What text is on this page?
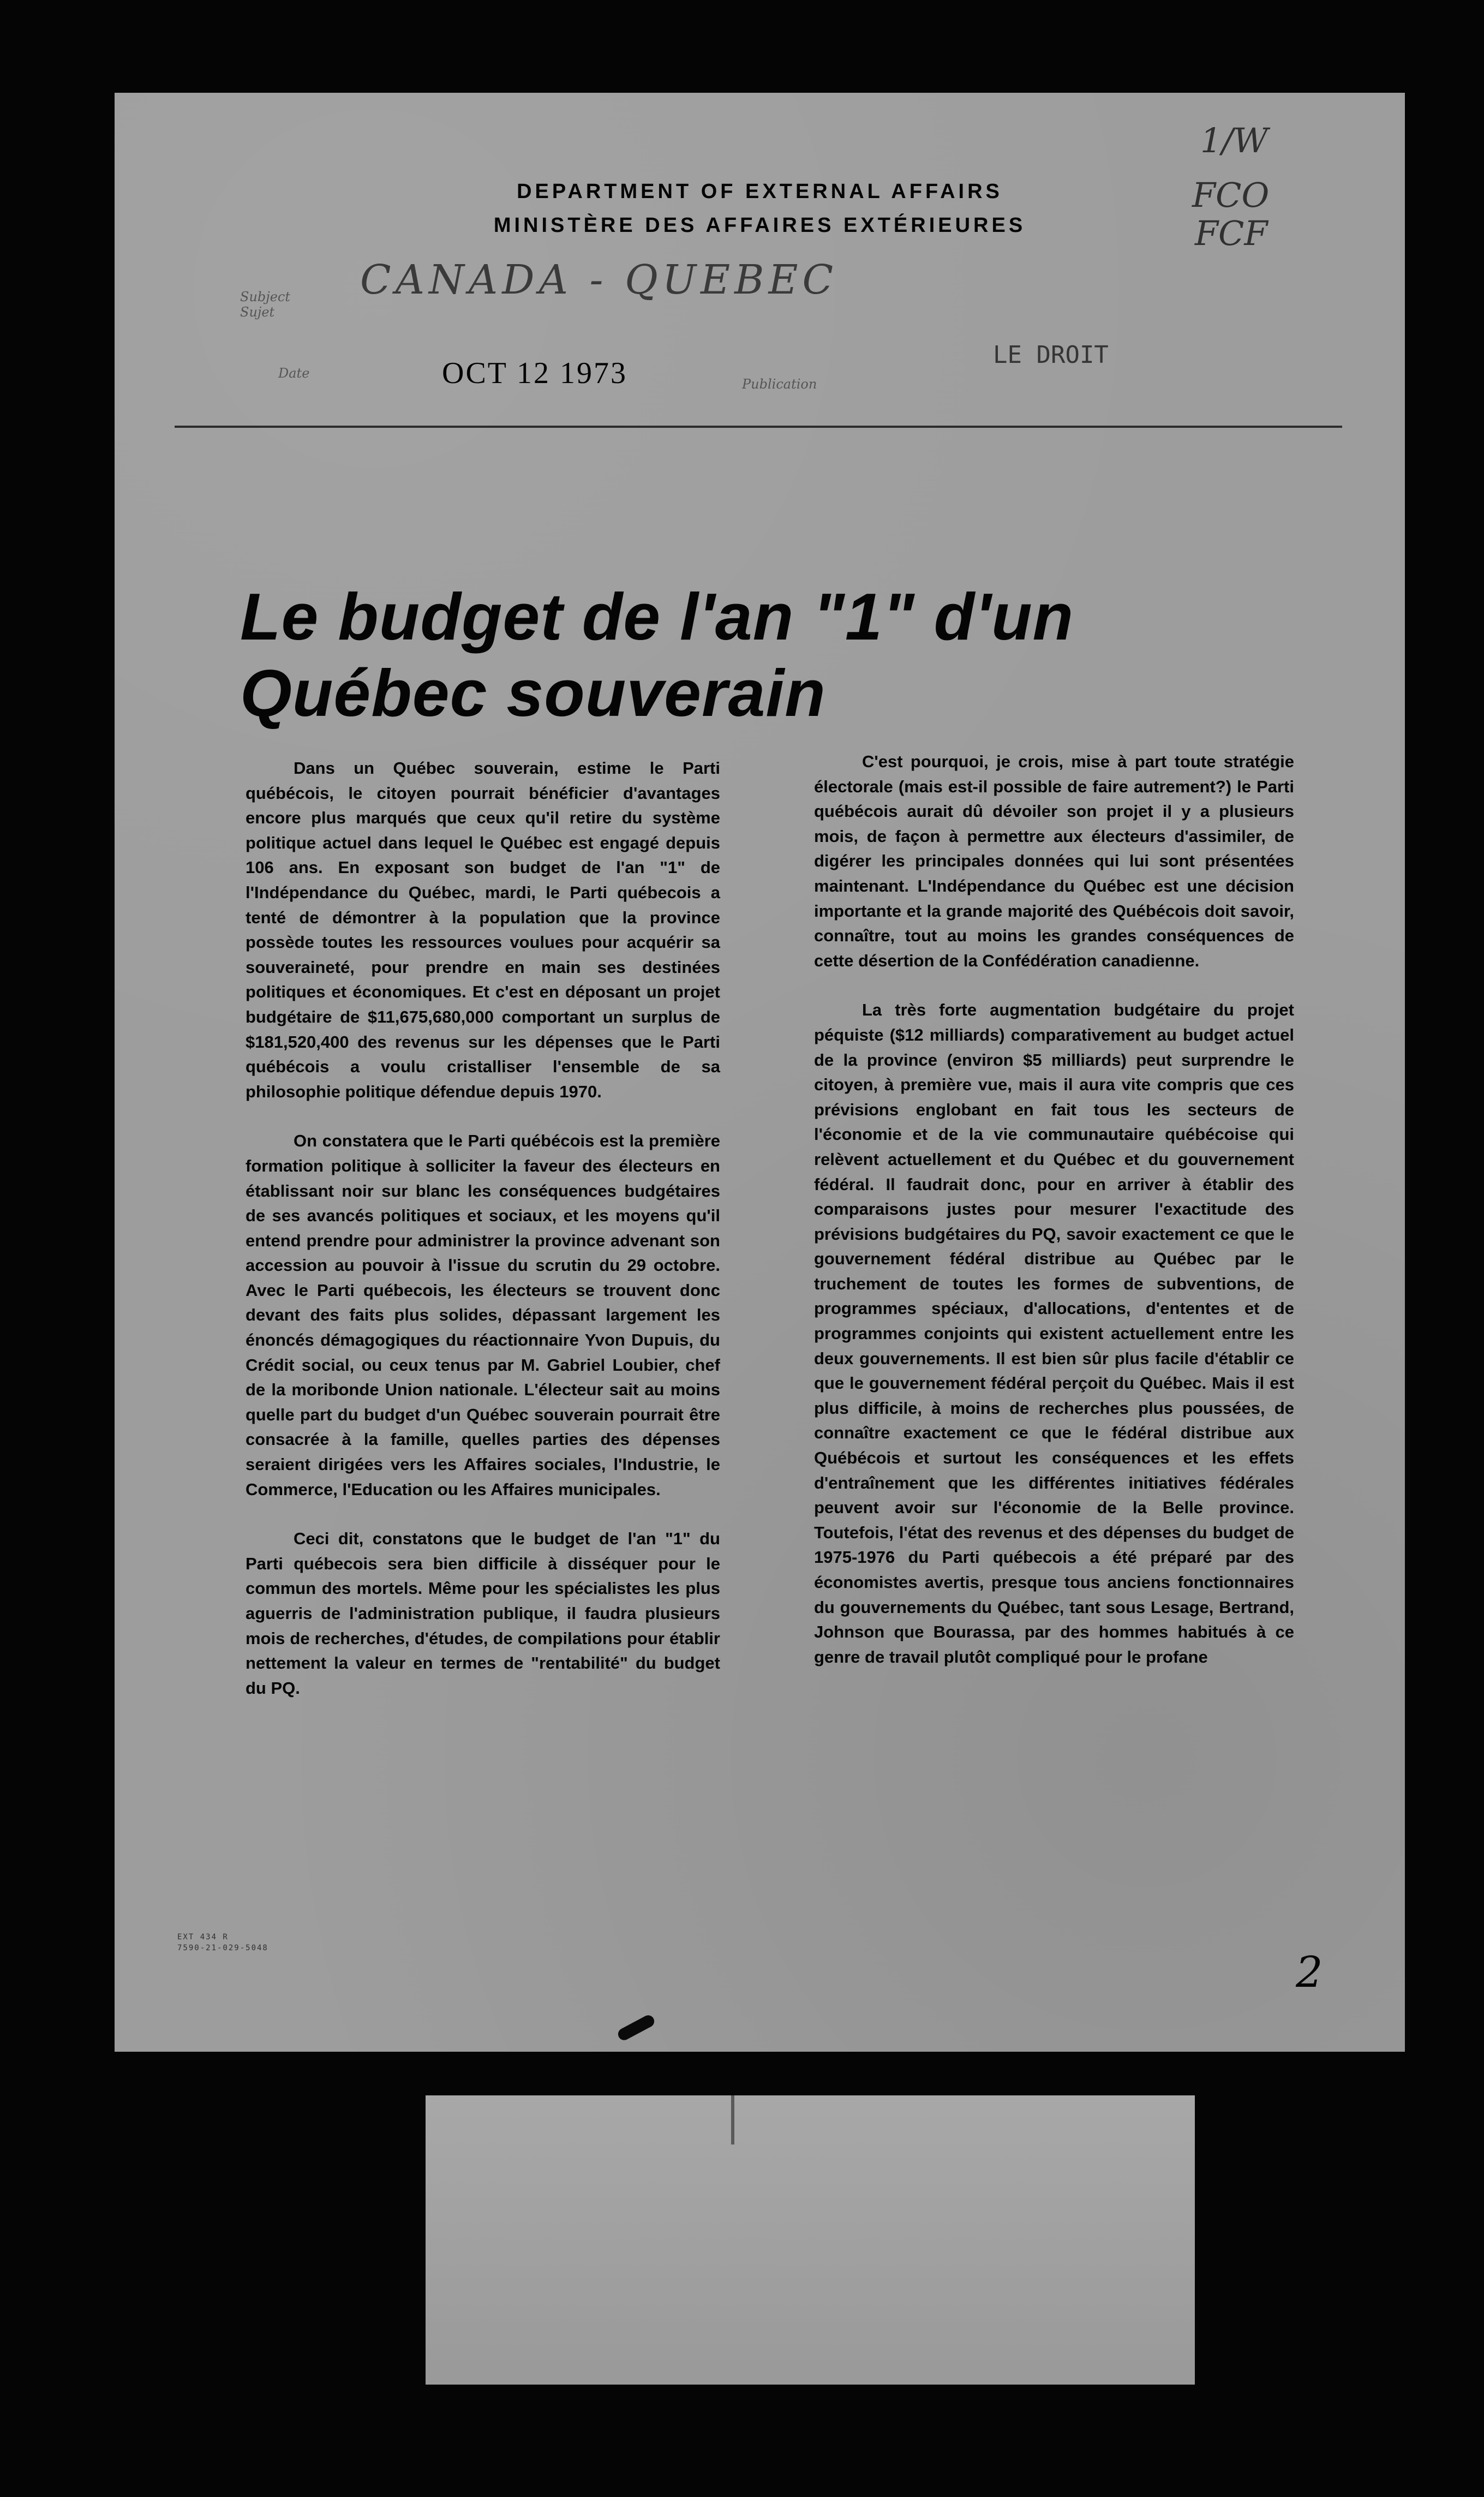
DEPARTMENT OF EXTERNAL AFFAIRS
MINISTÈRE DES AFFAIRES EXTÉRIEURES
Subject
Sujet
CANADA - QUEBEC
Date	OCT 12 1973	Publication
LE DROIT
1/W
FCO
FCF
Le budget de l'an "1" d'un Québec souverain

Dans un Québec souverain, estime le Parti québécois, le citoyen pourrait bénéficier d'avantages encore plus marqués que ceux qu'il retire du système politique actuel dans lequel le Québec est engagé depuis 106 ans. En exposant son budget de l'an "1" de l'Indépendance du Québec, mardi, le Parti québecois a tenté de démontrer à la population que la province possède toutes les ressources voulues pour acquérir sa souveraineté, pour prendre en main ses destinées politiques et économiques. Et c'est en déposant un projet budgétaire de $11,675,680,000 comportant un surplus de $181,520,400 des revenus sur les dépenses que le Parti québécois a voulu cristalliser l'ensemble de sa philosophie politique défendue depuis 1970.

On constatera que le Parti québécois est la première formation politique à solliciter la faveur des électeurs en établissant noir sur blanc les conséquences budgétaires de ses avancés politiques et sociaux, et les moyens qu'il entend prendre pour administrer la province advenant son accession au pouvoir à l'issue du scrutin du 29 octobre. Avec le Parti québecois, les électeurs se trouvent donc devant des faits plus solides, dépassant largement les énoncés démagogiques du réactionnaire Yvon Dupuis, du Crédit social, ou ceux tenus par M. Gabriel Loubier, chef de la moribonde Union nationale. L'électeur sait au moins quelle part du budget d'un Québec souverain pourrait être consacrée à la famille, quelles parties des dépenses seraient dirigées vers les Affaires sociales, l'Industrie, le Commerce, l'Education ou les Affaires municipales.

Ceci dit, constatons que le budget de l'an "1" du Parti québecois sera bien difficile à disséquer pour le commun des mortels. Même pour les spécialistes les plus aguerris de l'administration publique, il faudra plusieurs mois de recherches, d'études, de compilations pour établir nettement la valeur en termes de "rentabilité" du budget du PQ.

C'est pourquoi, je crois, mise à part toute stratégie électorale (mais est-il possible de faire autrement?) le Parti québécois aurait dû dévoiler son projet il y a plusieurs mois, de façon à permettre aux électeurs d'assimiler, de digérer les principales données qui lui sont présentées maintenant. L'Indépendance du Québec est une décision importante et la grande majorité des Québécois doit savoir, connaître, tout au moins les grandes conséquences de cette désertion de la Confédération canadienne.

La très forte augmentation budgétaire du projet péquiste ($12 milliards) comparativement au budget actuel de la province (environ $5 milliards) peut surprendre le citoyen, à première vue, mais il aura vite compris que ces prévisions englobant en fait tous les secteurs de l'économie et de la vie communautaire québécoise qui relèvent actuellement et du Québec et du gouvernement fédéral. Il faudrait donc, pour en arriver à établir des comparaisons justes pour mesurer l'exactitude des prévisions budgétaires du PQ, savoir exactement ce que le gouvernement fédéral distribue au Québec par le truchement de toutes les formes de subventions, de programmes spéciaux, d'allocations, d'ententes et de programmes conjoints qui existent actuellement entre les deux gouvernements. Il est bien sûr plus facile d'établir ce que le gouvernement fédéral perçoit du Québec. Mais il est plus difficile, à moins de recherches plus poussées, de connaître exactement ce que le fédéral distribue aux Québécois et surtout les conséquences et les effets d'entraînement que les différentes initiatives fédérales peuvent avoir sur l'économie de la Belle province. Toutefois, l'état des revenus et des dépenses du budget de 1975-1976 du Parti québecois a été préparé par des économistes avertis, presque tous anciens fonctionnaires du gouvernements du Québec, tant sous Lesage, Bertrand, Johnson que Bourassa, par des hommes habitués à ce genre de travail plutôt compliqué pour le profane

EXT 434 R
7590-21-029-5048	2
